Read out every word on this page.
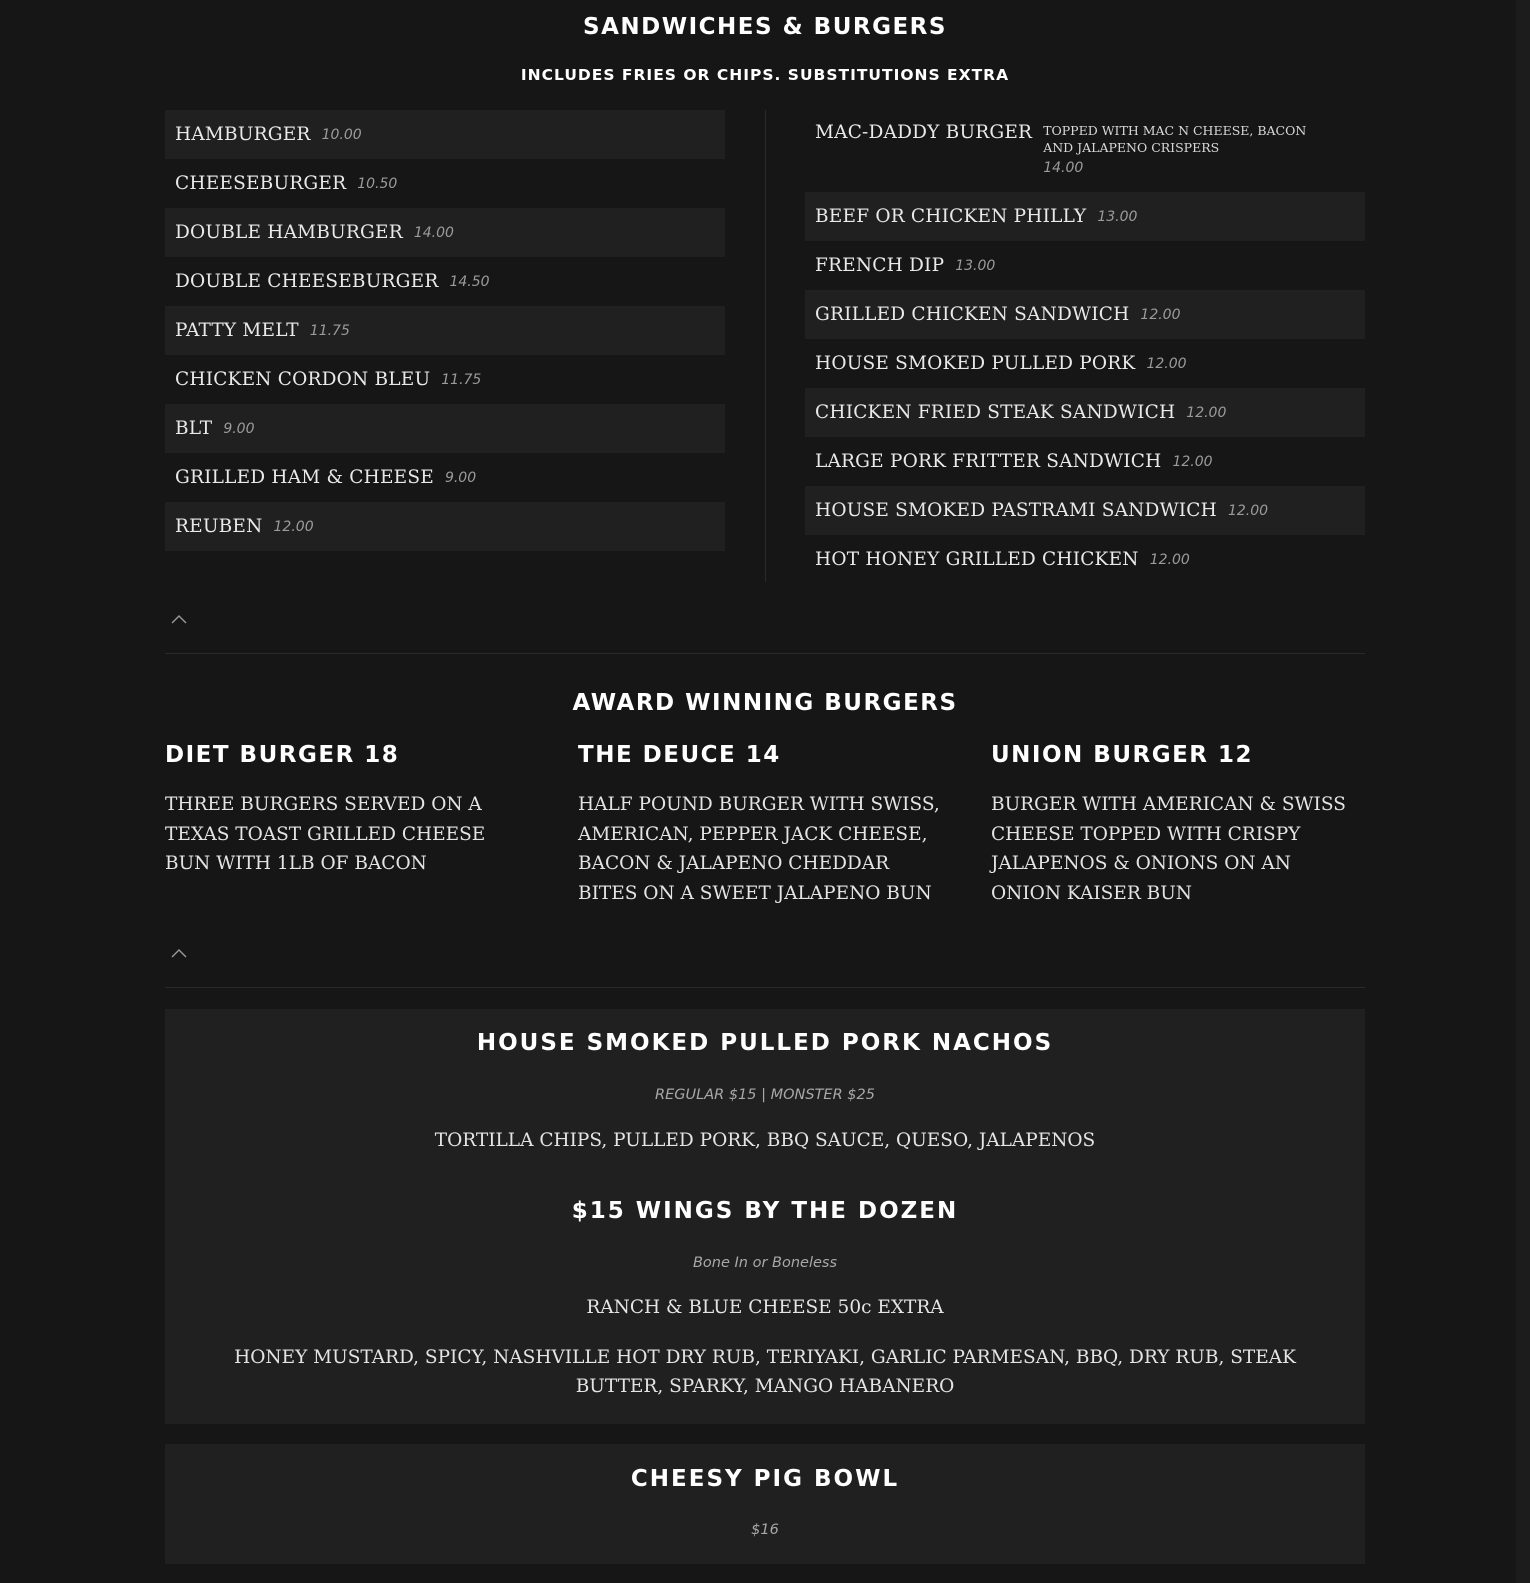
SANDWICHES & BURGERS
INCLUDES FRIES OR CHIPS. SUBSTITUTIONS EXTRA
HAMBURGER 10.00
CHEESEBURGER 10.50
DOUBLE HAMBURGER 14.00
DOUBLE CHEESEBURGER 14.50
PATTY MELT 11.75
CHICKEN CORDON BLEU 11.75
BLT 9.00
GRILLED HAM & CHEESE 9.00
REUBEN 12.00
MAC-DADDY BURGER TOPPED WITH MAC N CHEESE, BACON AND JALAPENO CRISPERS
14.00
BEEF OR CHICKEN PHILLY 13.00
FRENCH DIP 13.00
GRILLED CHICKEN SANDWICH 12.00
HOUSE SMOKED PULLED PORK 12.00
CHICKEN FRIED STEAK SANDWICH 12.00
LARGE PORK FRITTER SANDWICH 12.00
HOUSE SMOKED PASTRAMI SANDWICH 12.00
HOT HONEY GRILLED CHICKEN 12.00
AWARD WINNING BURGERS
DIET BURGER 18

THREE BURGERS SERVED ON A TEXAS TOAST GRILLED CHEESE BUN WITH 1LB OF BACON

THE DEUCE 14

HALF POUND BURGER WITH SWISS, AMERICAN, PEPPER JACK CHEESE, BACON & JALAPENO CHEDDAR BITES ON A SWEET JALAPENO BUN

UNION BURGER 12

BURGER WITH AMERICAN & SWISS CHEESE TOPPED WITH CRISPY JALAPENOS & ONIONS ON AN ONION KAISER BUN

HOUSE SMOKED PULLED PORK NACHOS
REGULAR $15 | MONSTER $25
TORTILLA CHIPS, PULLED PORK, BBQ SAUCE, QUESO, JALAPENOS
$15 WINGS BY THE DOZEN
Bone In or Boneless
RANCH & BLUE CHEESE 50c EXTRA
HONEY MUSTARD, SPICY, NASHVILLE HOT DRY RUB, TERIYAKI, GARLIC PARMESAN, BBQ, DRY RUB, STEAK BUTTER, SPARKY, MANGO HABANERO
CHEESY PIG BOWL
$16
